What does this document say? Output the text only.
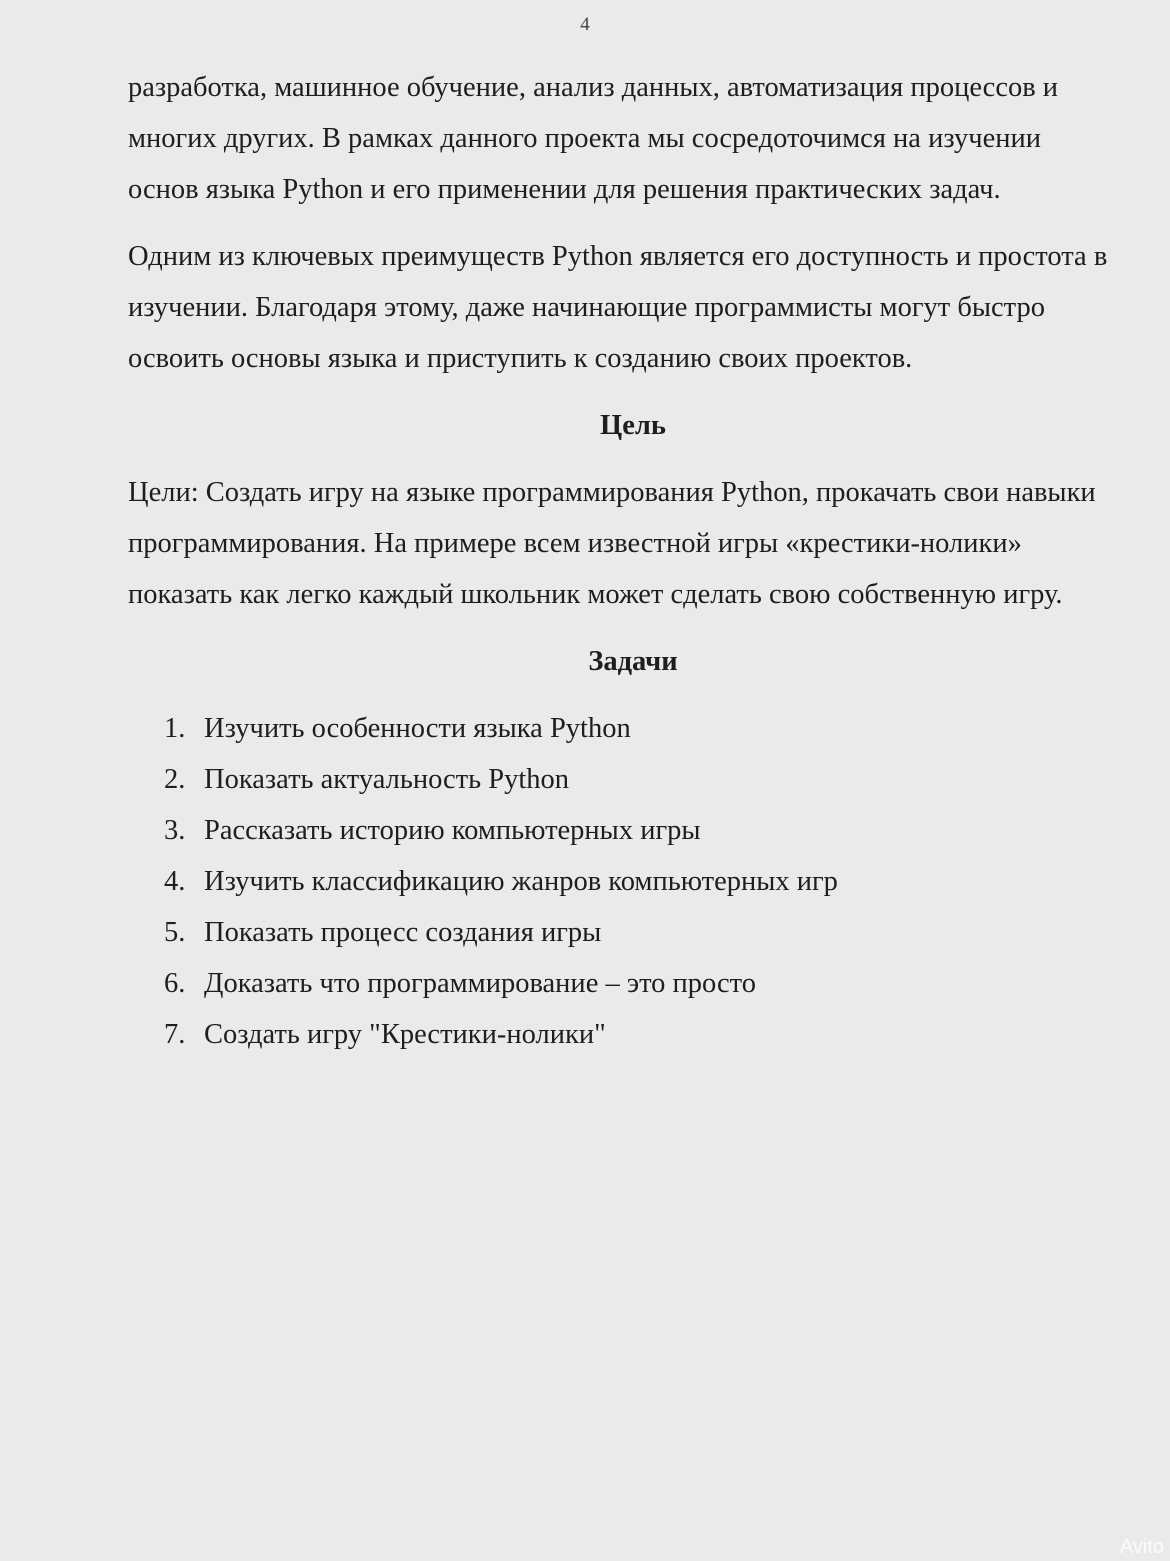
4

разработка, машинное обучение, анализ данных, автоматизация процессов и
многих других. В рамках данного проекта мы сосредоточимся на изучении
основ языка Python и его применении для решения практических задач.

Одним из ключевых преимуществ Python является его доступность и простота в
изучении. Благодаря этому, даже начинающие программисты могут быстро
освоить основы языка и приступить к созданию своих проектов.

Цель

Цели: Создать игру на языке программирования Python, прокачать свои навыки
программирования. На примере всем известной игры «крестики-нолики»
показать как легко каждый школьник может сделать свою собственную игру.

Задачи
1. Изучить особенности языка Python
2. Показать актуальность Python
3. Рассказать историю компьютерных игры
4. Изучить классификацию жанров компьютерных игр
5. Показать процесс создания игры
6. Доказать что программирование – это просто
7. Создать игру "Крестики-нолики"
Avito
